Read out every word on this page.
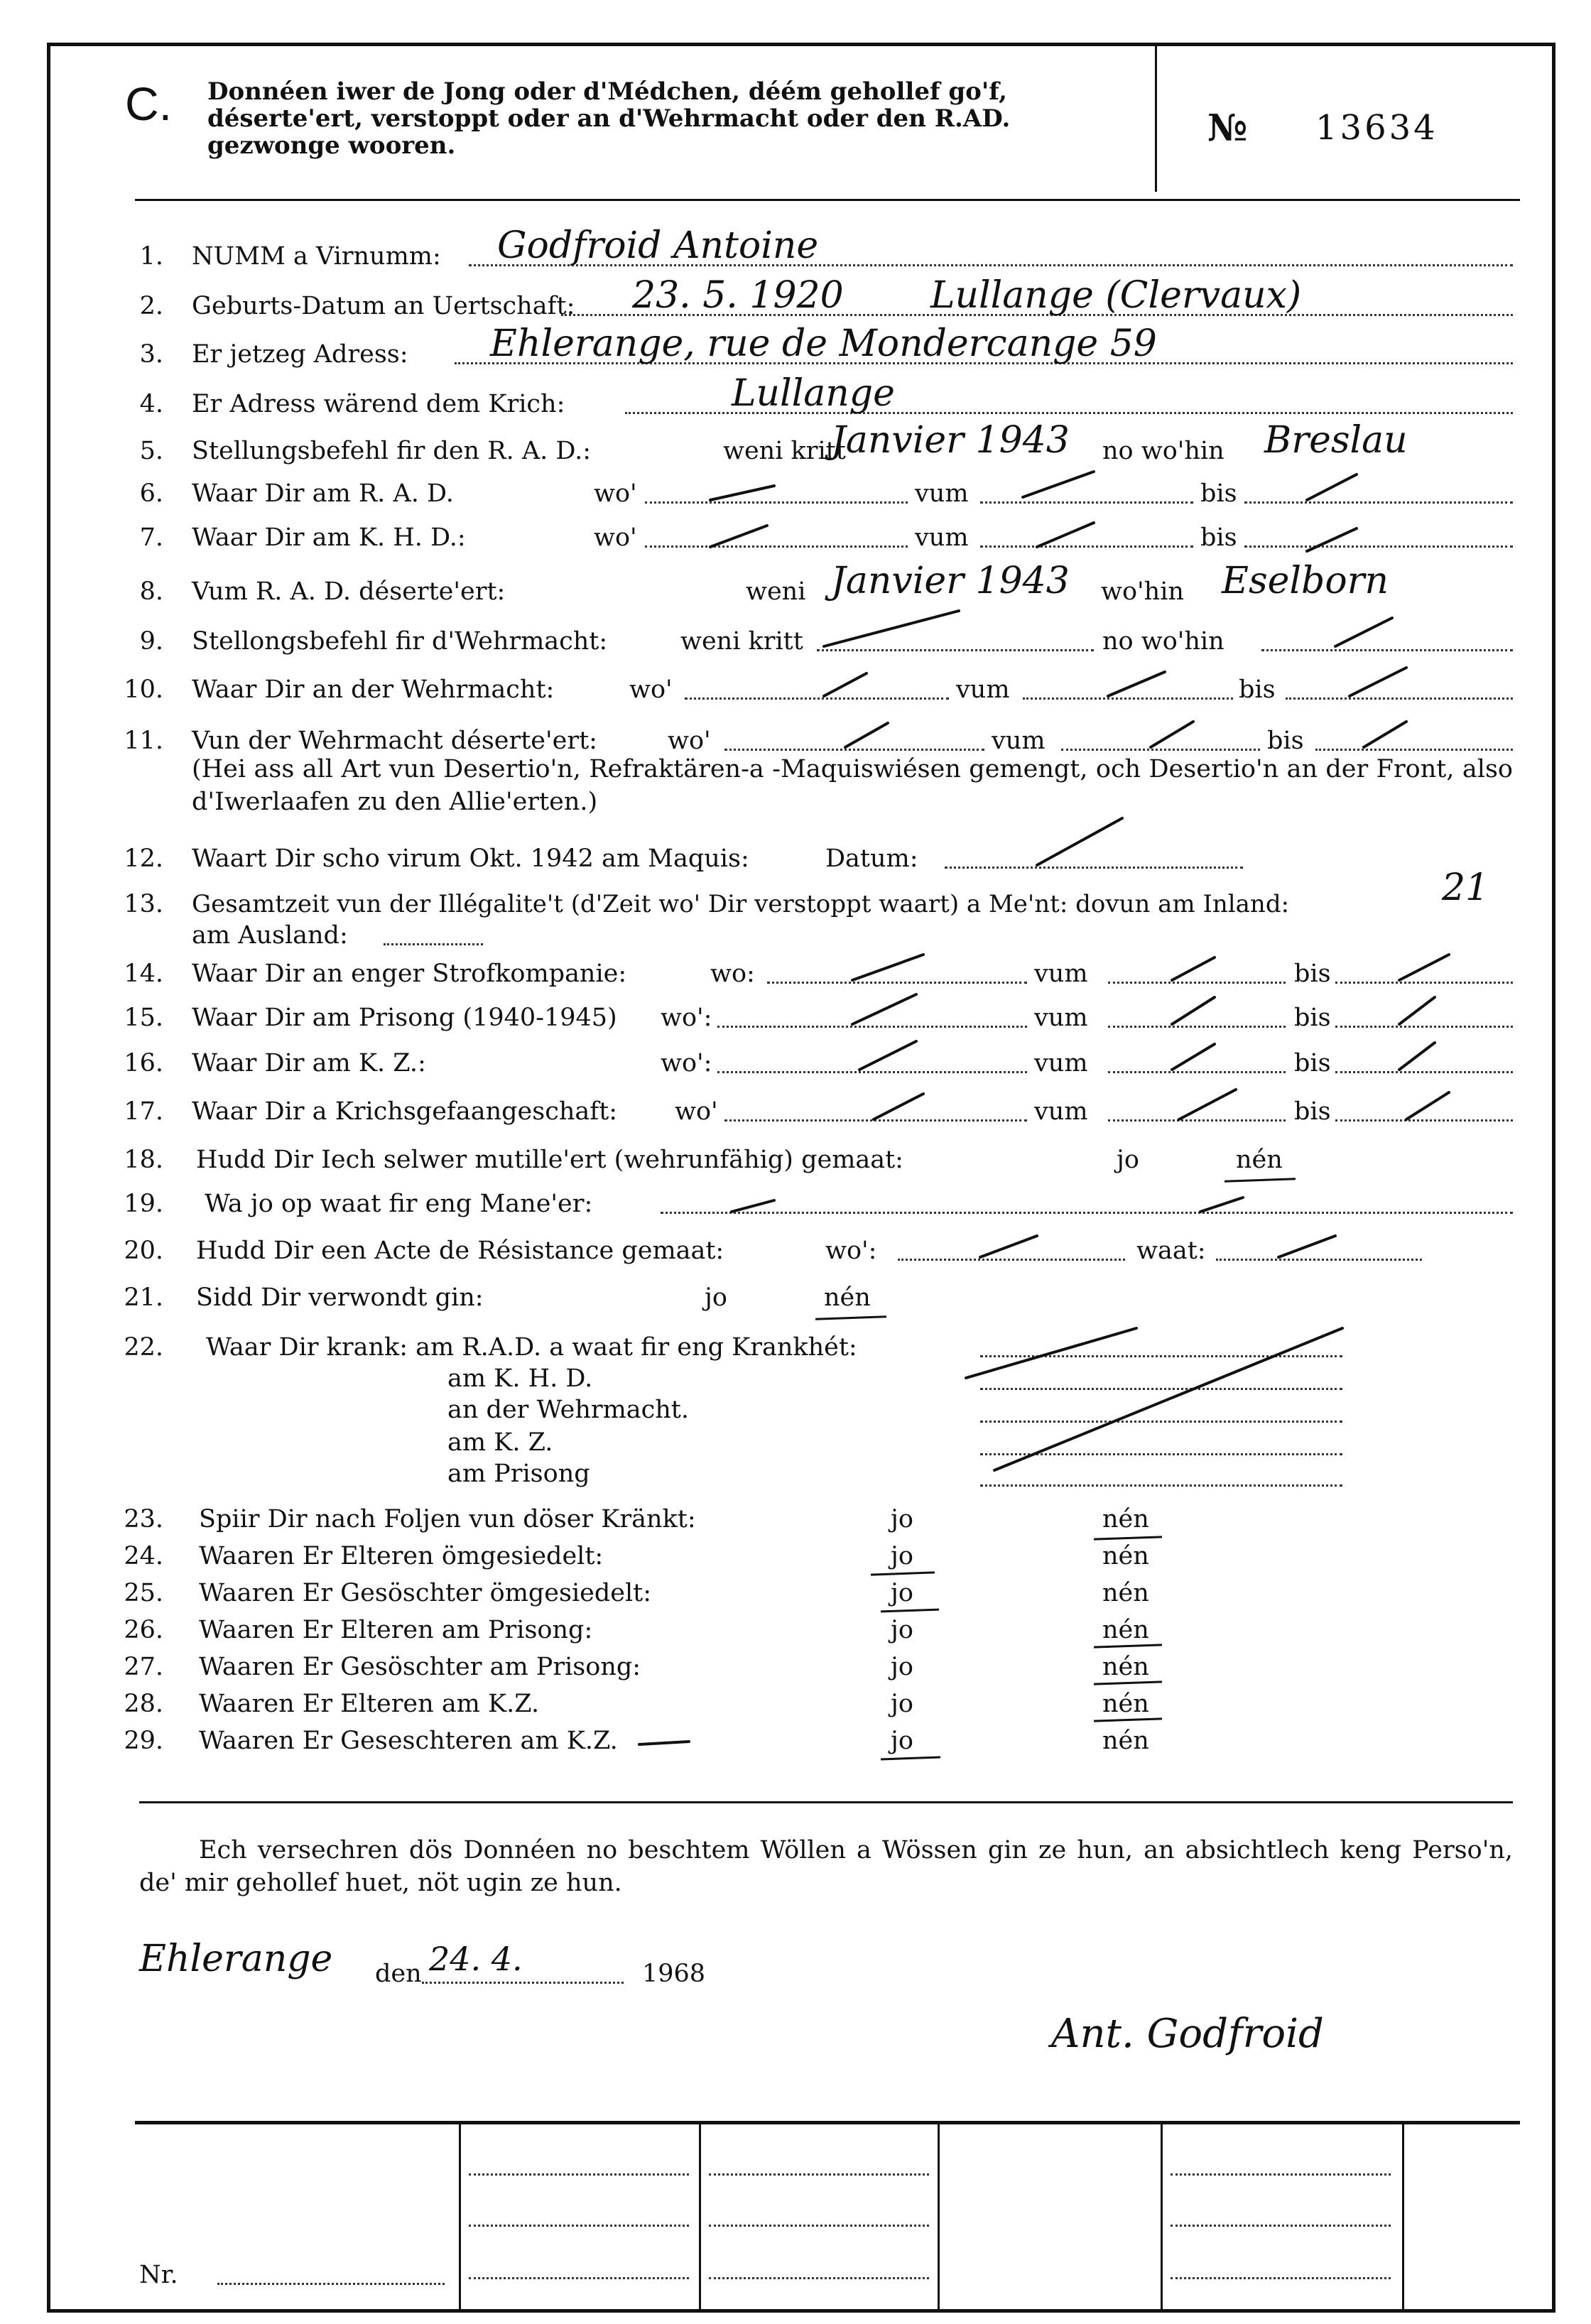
C. Donnéen iwer de Jong oder d'Médchen, déém gehollef go'f, déserte'ert, verstoppt oder an d'Wehrmacht oder den R.AD. gezwonge wooren.	№ 13634
1. NUMM a Virnumm: Godfroid Antoine
2. Geburts-Datum an Uertschaft: 23. 5. 1920 Lullange (Clervaux)
3. Er jetzeg Adress: Ehlerange, rue de Mondercange 59
4. Er Adress wärend dem Krich:	Lullange
5. Stellungsbefehl fir den R. A. D.:	weni kritt	no wo'hin
Janvier 1943	Breslau
6. Waar Dir am R. A. D.	wo'	vum	bis
7. Waar Dir am K. H. D.:	wo'	vum	bis
8. Vum R. A. D. déserte'ert:	weni	wo'hin
Janvier 1943	Eselborn
9. Stellongsbefehl fir d'Wehrmacht:	weni kritt	no wo'hin
10. Waar Dir an der Wehrmacht:	wo'	vum	bis
11. Vun der Wehrmacht déserte'ert:	wo'	vum	bis
(Hei ass all Art vun Desertio'n, Refraktären-a -Maquiswiésen gemengt, och Desertio'n an der Front, also d'Iwerlaafen zu den Allie'erten.)
12. Waart Dir scho virum Okt. 1942 am Maquis:	Datum:
13. Gesamtzeit vun der Illégalite't (d'Zeit wo' Dir verstoppt waart) a Me'nt: dovun am Inland:	21
am Ausland:
14. Waar Dir an enger Strofkompanie:	wo:	vum	bis
15. Waar Dir am Prisong (1940-1945) wo':	vum	bis
16. Waar Dir am K. Z.:	wo':	vum	bis
17. Waar Dir a Krichsgefaangeschaft: wo'	vum	bis
18. Hudd Dir Iech selwer mutille'ert (wehrunfähig) gemaat:	jo	nén
19. Wa jo op waat fir eng Mane'er:
20. Hudd Dir een Acte de Résistance gemaat:	wo':	waat:
21. Sidd Dir verwondt gin:	jo	nén
22. Waar Dir krank: am R.A.D. a waat fir eng Krankhét:
am K. H. D.
an der Wehrmacht.
am K. Z.
am Prisong
23. Spiir Dir nach Foljen vun döser Kränkt:	jo	nén
24. Waaren Er Elteren ömgesiedelt:	jo	nén
25. Waaren Er Gesöschter ömgesiedelt:	jo	nén
26. Waaren Er Elteren am Prisong:	jo	nén
27. Waaren Er Gesöschter am Prisong:	jo	nén
28. Waaren Er Elteren am K.Z.	jo	nén
29. Waaren Er Geseschteren am K.Z.	jo	nén
Ech versechren dös Donnéen no beschtem Wöllen a Wössen gin ze hun, an absichtlech keng Perso'n, de' mir gehollef huet, nöt ugin ze hun.
Ehlerange den 24. 4.	1968
Ant. Godfroid
Nr.
